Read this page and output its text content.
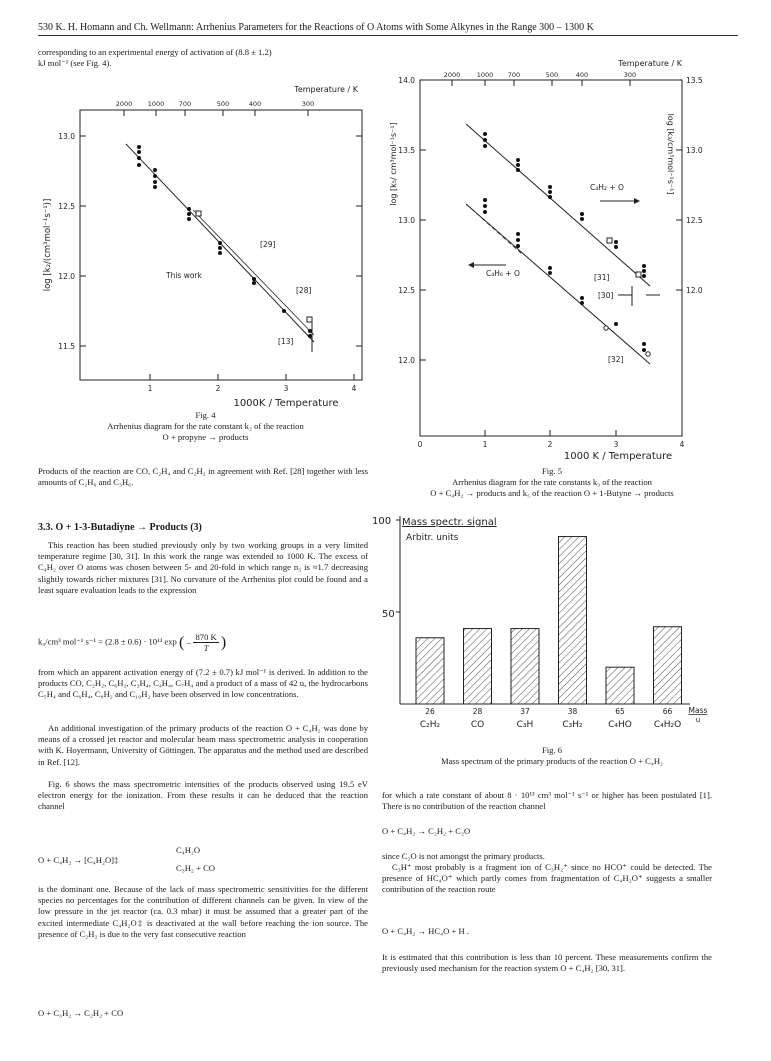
530 K. H. Homann and Ch. Wellmann: Arrhenius Parameters for the Reactions of O Atoms with Some Alkynes in the Range 300 – 1300 K
corresponding to an experimental energy of activation of (8.8 ± 1.2)
kJ mol⁻¹ (see Fig. 4).
Temperature / K
2000 1000 700	500	400	300
13.0
12.5
12.0
11.5
1	2	3	4
1000K / Temperature
log [k₂/(cm³mol⁻¹s⁻¹)]	This work
[29]
[28]
[13]
Fig. 4
Arrhenius diagram for the rate constant k₂ of the reaction
O + propyne → products
Products of the reaction are CO, C₂H₄ and C₂H₂ in agreement with Ref. [28] together with less amounts of C₂H₆ and C₃H₆.
3.3. O + 1-3-Butadiyne → Products (3)
This reaction has been studied previously only by two working groups in a very limited temperature regime [30, 31]. In this work the range was extended to 1000 K. The excess of C₄H₂ over O atoms was chosen between 5- and 20-fold in which range n₃ is ≈1.7 decreasing slightly towards richer mixtures [31]. No curvature of the Arrhenius plot could be found and a least square evaluation leads to the expression
k₃/cm³ mol⁻¹ s⁻¹ = (2.8 ± 0.6) · 10¹³ exp ( − $\frac{870 K}{T}$ )
from which an apparent activation energy of (7.2 ± 0.7) kJ mol⁻¹ is derived. In addition to the products CO, C₂H₂, C₆H₂, C₃H₄, C₄H₄, C₇H₄ and a product of a mass of 42 u, the hydrocarbons C₅H₄ and C₆H₄, C₈H₂ and C₁₀H₂ have been observed in low concentrations.
An additional investigation of the primary products of the reaction O + C₄H₂ was done by means of a crossed jet reactor and molecular beam mass spectrometric analysis in cooperation with K. Hoyermann, University of Göttingen. The apparatus and the method used are described in Ref. [12].
Fig. 6 shows the mass spectrometric intensities of the products observed using 19.5 eV electron energy for the ionization. From these results it can be deduced that the reaction channel
O + C₄H₂ → [C₄H₂O]‡
C₄H₂O
C₃H₂ + CO
is the dominant one. Because of the lack of mass spectrometric sensitivities for the different species no percentages for the contribution of different channels can be given. In view of the low pressure in the jet reactor (ca. 0.3 mbar) it must be assumed that a greater part of the excited intermediate C₄H₂O‡ is deactivated at the wall before reaching the ion source. The presence of C₂H₂ is due to the very fast consecutive reaction
O + C₃H₂ → C₂H₂ + CO
Temperature / K
2000	1000 700	500	400	300
14.0
13.5
13.0
12.5
12.0
13.5
13.0
12.5
12.0
0	1	2	3	4
1000 K / Temperature
log [k₅/ cm³mol⁻¹s⁻¹]	log [k₃/cm³mol⁻¹s⁻¹]
C₄H₂ + O
C₄H₆ + O	[31]
[30]
[32]
Fig. 5
Arrhenius diagram for the rate constants k₃ of the reaction
O + C₄H₂ → products and k₅ of the reaction O + 1-Butyne → products
100
50
Mass spectr. signal
Arbitr. units
26
C₂H₂
28
CO
37
C₃H
38
C₃H₂
65
C₄HO
66
C₄H₂O
Mass
u
Fig. 6
Mass spectrum of the primary products of the reaction O + C₄H₂
for which a rate constant of about 8 · 10¹³ cm³ mol⁻¹ s⁻¹ or higher has been postulated [1]. There is no contribution of the reaction channel
O + C₄H₂ → C₂H₂ + C₂O
since C₂O is not amongst the primary products.
C₃H⁺ most probably is a fragment ion of C₃H₂⁺ since no HCO⁺ could be detected. The presence of HC₄O⁺ which partly comes from fragmentation of C₄H₂O⁺ suggests a smaller contribution of the reaction route
O + C₄H₂ → HC₄O + H .
It is estimated that this contribution is less than 10 percent. These measurements confirm the previously used mechanism for the reaction system O + C₄H₂ [30, 31].
